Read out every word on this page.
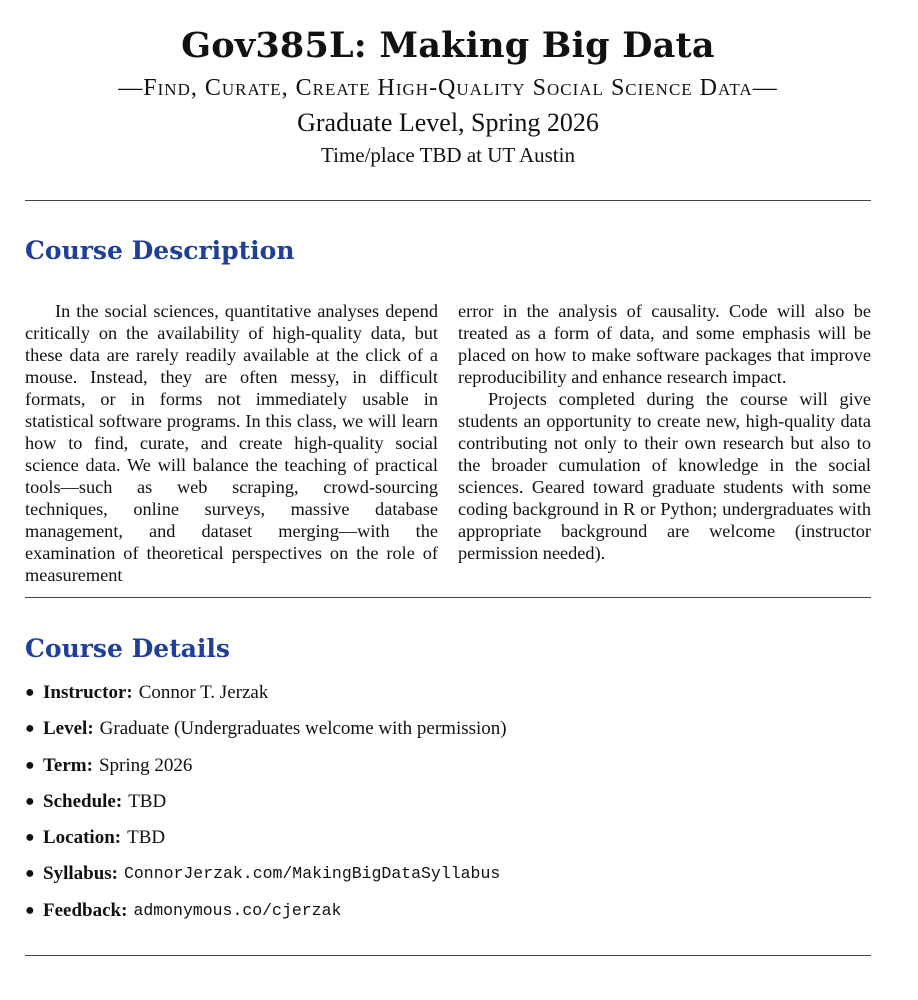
Gov385L: Making Big Data
—Find, Curate, Create High-Quality Social Science Data—
Graduate Level, Spring 2026
Time/place TBD at UT Austin
Course Description

In the social sciences, quantitative analyses depend critically on the availability of high-quality data, but these data are rarely readily available at the click of a mouse. Instead, they are often messy, in difficult formats, or in forms not immediately usable in statistical software programs. In this class, we will learn how to find, curate, and create high-quality social science data. We will balance the teaching of practical tools—such as web scraping, crowd-sourcing techniques, online surveys, massive database management, and dataset merging—with the examination of theoretical perspectives on the role of measurement

error in the analysis of causality. Code will also be treated as a form of data, and some emphasis will be placed on how to make software packages that improve reproducibility and enhance research impact.

Projects completed during the course will give students an opportunity to create new, high-quality data contributing not only to their own research but also to the broader cumulation of knowledge in the social sciences. Geared toward graduate students with some coding background in R or Python; undergraduates with appropriate background are welcome (instructor permission needed).

Course Details
● Instructor: Connor T. Jerzak
● Level: Graduate (Undergraduates welcome with permission)
● Term: Spring 2026
● Schedule: TBD
● Location: TBD
● Syllabus: ConnorJerzak.com/MakingBigDataSyllabus
● Feedback: admonymous.co/cjerzak
